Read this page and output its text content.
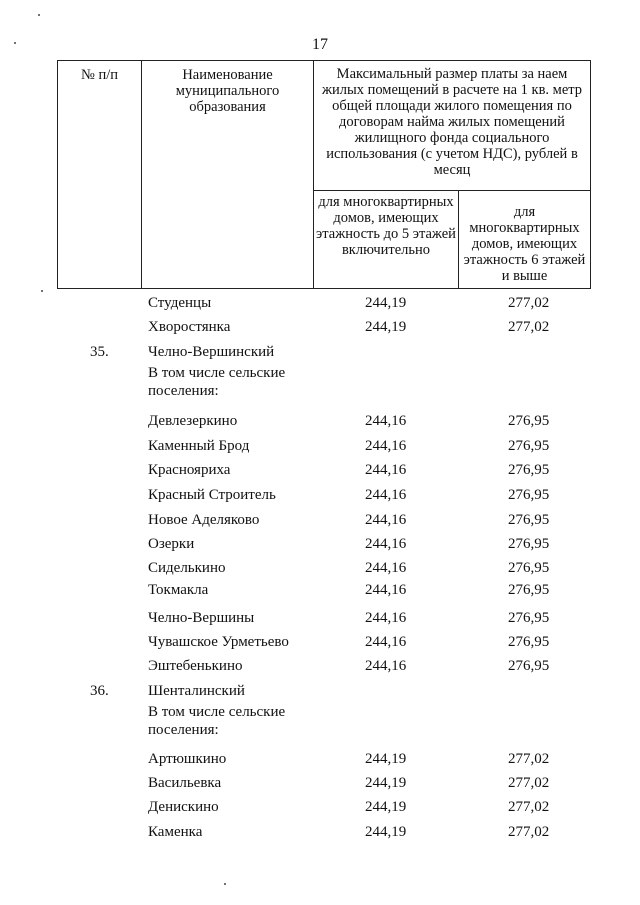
17
№ п/п	Наименование муниципального образования	Максимальный размер платы за наем жилых помещений в расчете на 1 кв. метр общей площади жилого помещения по договорам найма жилых помещений жилищного фонда социального использования (с учетом НДС), рублей в месяц	
		для многоквартирных домов, имеющих этажность до 5 этажей включительно	для многоквартирных домов, имеющих этажность 6 этажей и выше
Студенцы	244,19	277,02
Хворостянка	244,19	277,02
35.	Челно-Вершинский
В том числе сельские поселения:
Девлезеркино	244,16	276,95
Каменный Брод	244,16	276,95
Краснояриха	244,16	276,95
Красный Строитель	244,16	276,95
Новое Аделяково	244,16	276,95
Озерки	244,16	276,95
Сиделькино	244,16	276,95
Токмакла	244,16	276,95
Челно-Вершины	244,16	276,95
Чувашское Урметьево	244,16	276,95
Эштебенькино	244,16	276,95
36.	Шенталинский
В том числе сельские поселения:
Артюшкино	244,19	277,02
Васильевка	244,19	277,02
Денискино	244,19	277,02
Каменка	244,19	277,02
